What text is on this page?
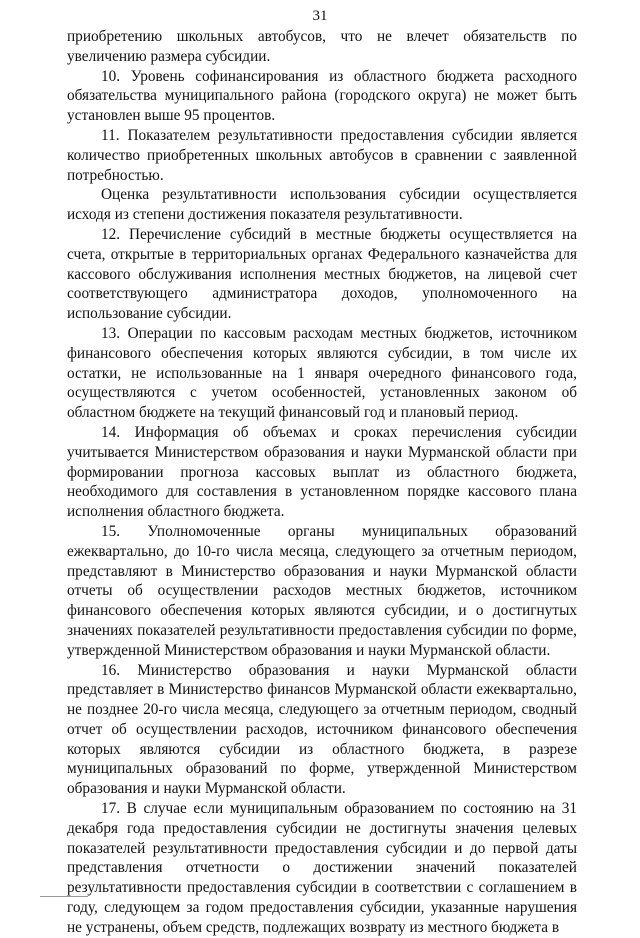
31

приобретению школьных автобусов, что не влечет обязательств по увеличению размера субсидии.

10. Уровень софинансирования из областного бюджета расходного обязательства муниципального района (городского округа) не может быть установлен выше 95 процентов.

11. Показателем результативности предоставления субсидии является количество приобретенных школьных автобусов в сравнении с заявленной потребностью.

Оценка результативности использования субсидии осуществляется исходя из степени достижения показателя результативности.

12. Перечисление субсидий в местные бюджеты осуществляется на счета, открытые в территориальных органах Федерального казначейства для кассового обслуживания исполнения местных бюджетов, на лицевой счет соответствующего администратора доходов, уполномоченного на использование субсидии.

13. Операции по кассовым расходам местных бюджетов, источником финансового обеспечения которых являются субсидии, в том числе их остатки, не использованные на 1 января очередного финансового года, осуществляются с учетом особенностей, установленных законом об областном бюджете на текущий финансовый год и плановый период.

14. Информация об объемах и сроках перечисления субсидии учитывается Министерством образования и науки Мурманской области при формировании прогноза кассовых выплат из областного бюджета, необходимого для составления в установленном порядке кассового плана исполнения областного бюджета.

15. Уполномоченные органы муниципальных образований ежеквартально, до 10-го числа месяца, следующего за отчетным периодом, представляют в Министерство образования и науки Мурманской области отчеты об осуществлении расходов местных бюджетов, источником финансового обеспечения которых являются субсидии, и о достигнутых значениях показателей результативности предоставления субсидии по форме, утвержденной Министерством образования и науки Мурманской области.

16. Министерство образования и науки Мурманской области представляет в Министерство финансов Мурманской области ежеквартально, не позднее 20-го числа месяца, следующего за отчетным периодом, сводный отчет об осуществлении расходов, источником финансового обеспечения которых являются субсидии из областного бюджета, в разрезе муниципальных образований по форме, утвержденной Министерством образования и науки Мурманской области.

17. В случае если муниципальным образованием по состоянию на 31 декабря года предоставления субсидии не достигнуты значения целевых показателей результативности предоставления субсидии и до первой даты представления отчетности о достижении значений показателей результативности предоставления субсидии в соответствии с соглашением в году, следующем за годом предоставления субсидии, указанные нарушения не устранены, объем средств, подлежащих возврату из местного бюджета в
